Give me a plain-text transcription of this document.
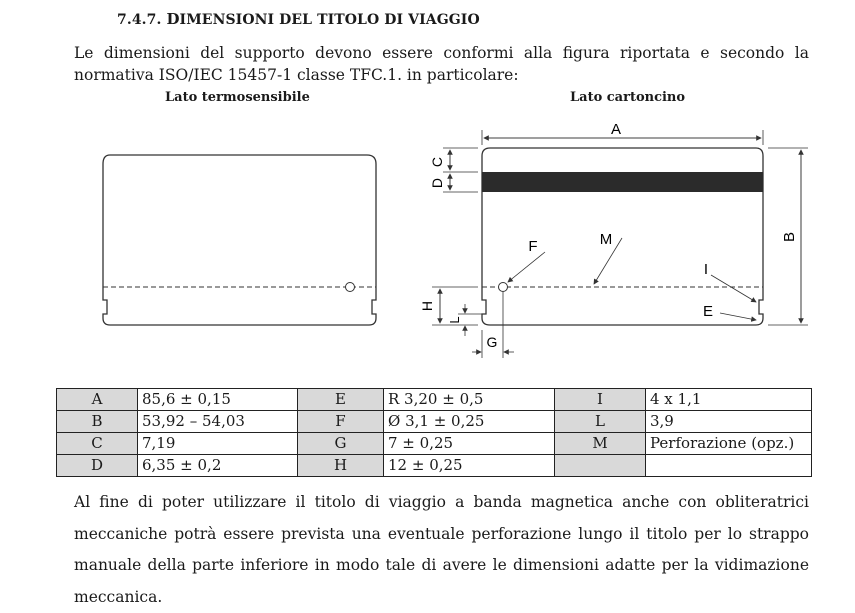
7.4.7. DIMENSIONI DEL TITOLO DI VIAGGIO
Le dimensioni del supporto devono essere conformi alla figura riportata e secondo la normativa ISO/IEC 15457-1 classe TFC.1. in particolare:
Lato termosensibile	Lato cartoncino
A
B
C
D
H
L
G
F	M
I
E
A	85,6 ± 0,15	E	R 3,20 ± 0,5	I	4 x 1,1
B	53,92 – 54,03	F	Ø 3,1 ± 0,25	L	3,9
C	7,19	G	7 ± 0,25	M	Perforazione (opz.)
D	6,35 ± 0,2	H	12 ± 0,25		
Al fine di poter utilizzare il titolo di viaggio a banda magnetica anche con obliteratrici meccaniche potrà essere prevista una eventuale perforazione lungo il titolo per lo strappo manuale della parte inferiore in modo tale di avere le dimensioni adatte per la vidimazione meccanica.
